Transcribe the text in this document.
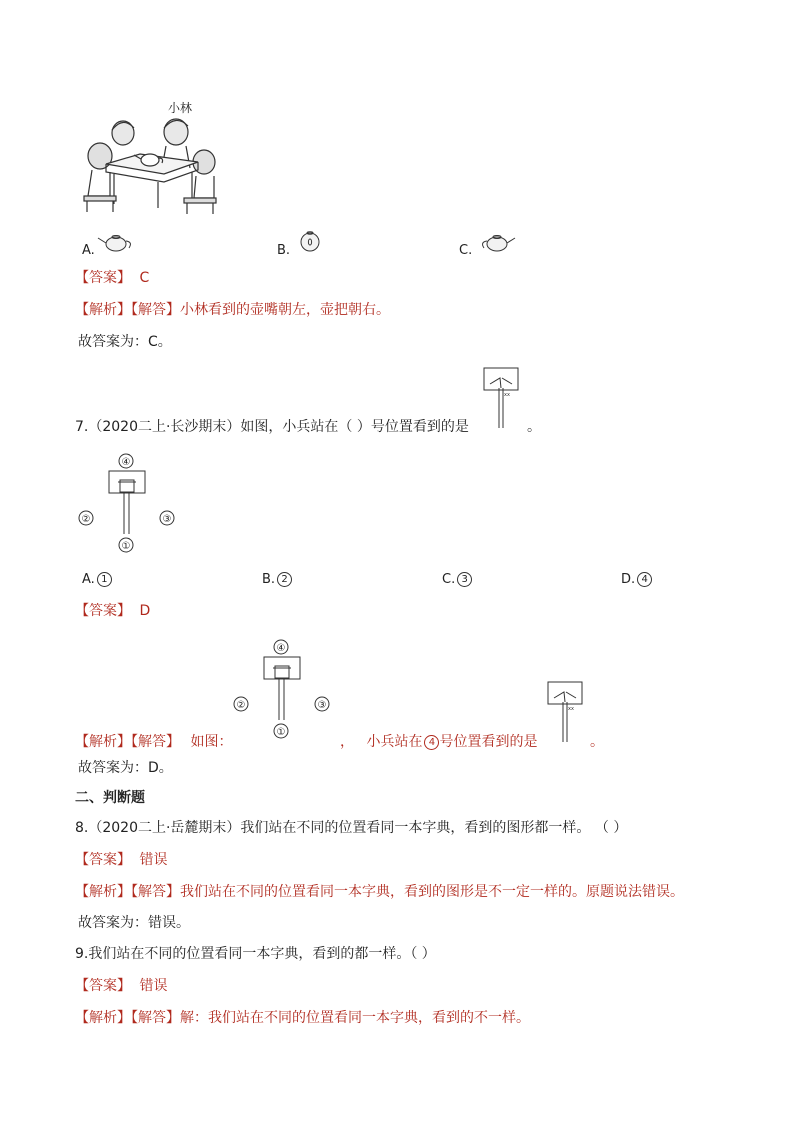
小林
A.	B.	C.
【答案】 C
【解析】【解答】小林看到的壶嘴朝左，壶把朝右。
故答案为：C。
7.（2020二上·长沙期末）如图，小兵站在（ ）号位置看到的是
xx
。
④
②	③
①
A. 1	B. 2	C. 3	D. 4
【答案】 D
④
②	③
①
【解析】【解答】 如图：	， 小兵站在 4 号位置看到的是
xx
。
故答案为：D。
二、判断题
8.（2020二上·岳麓期末）我们站在不同的位置看同一本字典，看到的图形都一样。 （ ）
【答案】 错误
【解析】【解答】我们站在不同的位置看同一本字典，看到的图形是不一定一样的。原题说法错误。
故答案为：错误。
9.我们站在不同的位置看同一本字典，看到的都一样。（ ）
【答案】 错误
【解析】【解答】解：我们站在不同的位置看同一本字典，看到的不一样。
